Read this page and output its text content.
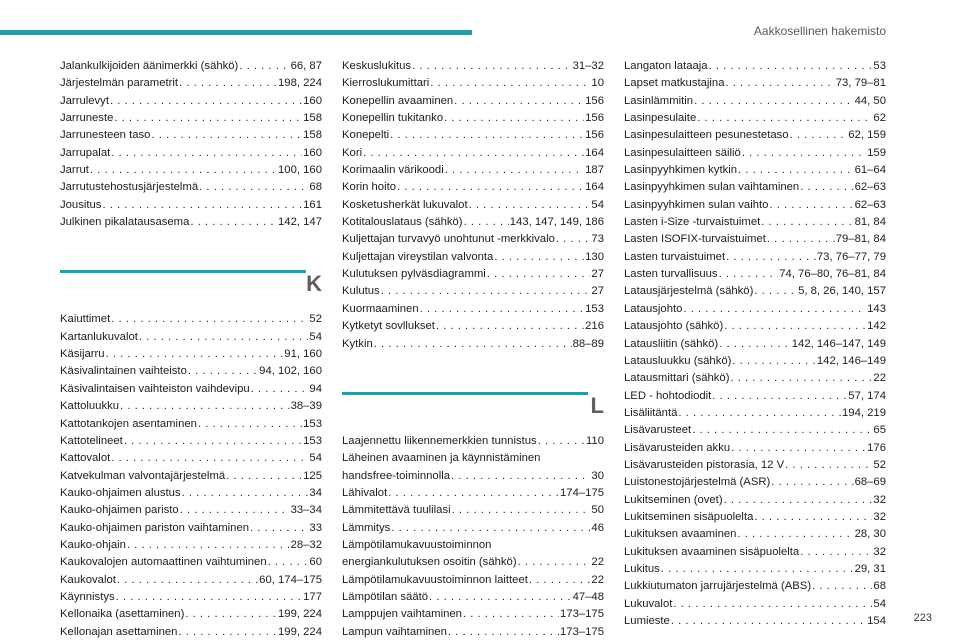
Aakkosellinen hakemisto
Jalankulkijoiden äänimerkki (sähkö) . . .	66, 87
Järjestelmän parametrit . . .	198, 224
Jarrulevyt . . .	160
Jarruneste . . .	158
Jarrunesteen taso . . .	158
Jarrupalat . . .	160
Jarrut . . .	100, 160
Jarrutustehostusjärjestelmä . . .	68
Jousitus . . .	161
Julkinen pikalatausasema . . .	142, 147
K
Kaiuttimet . . .	52
Kartanlukuvalot . . .	54
Käsijarru . . .	91, 160
Käsivalintainen vaihteisto . . .	94, 102, 160
Käsivalintaisen vaihteiston vaihdevipu . . .	94
Kattoluukku . . .	38–39
Kattotankojen asentaminen . . .	153
Kattotelineet . . .	153
Kattovalot . . .	54
Katvekulman valvontajärjestelmä . . .	125
Kauko-ohjaimen alustus . . .	34
Kauko-ohjaimen paristo . . .	33–34
Kauko-ohjaimen pariston vaihtaminen . . .	33
Kauko-ohjain . . .	28–32
Kaukovalojen automaattinen vaihtuminen . . .	60
Kaukovalot . . .	60, 174–175
Käynnistys . . .	177
Kellonaika (asettaminen) . . .	199, 224
Kellonajan asettaminen . . .	199, 224
Keskuslukitus . . .	31–32
Kierroslukumittari . . .	10
Konepellin avaaminen . . .	156
Konepellin tukitanko . . .	156
Konepelti . . .	156
Kori . . .	164
Korimaalin värikoodi . . .	187
Korin hoito . . .	164
Kosketusherkät lukuvalot . . .	54
Kotitalouslataus (sähkö) . . .	143, 147, 149, 186
Kuljettajan turvavyö unohtunut -merkkivalo . . .	73
Kuljettajan vireystilan valvonta . . .	130
Kulutuksen pylväsdiagrammi . . .	27
Kulutus . . .	27
Kuormaaminen . . .	153
Kytketyt sovllukset . . .	216
Kytkin . . .	88–89
L
Laajennettu liikennemerkkien tunnistus . . .	110
Läheinen avaaminen ja käynnistäminen
handsfree-toiminnolla . . .	30
Lähivalot . . .	174–175
Lämmitettävä tuulilasi . . .	50
Lämmitys . . .	46
Lämpötilamukavuustoiminnon
energiankulutuksen osoitin (sähkö) . . .	22
Lämpötilamukavuustoiminnon laitteet . . .	22
Lämpötilan säätö . . .	47–48
Lamppujen vaihtaminen . . .	173–175
Lampun vaihtaminen . . .	173–175
Langaton lataaja . . .	53
Lapset matkustajina . . .	73, 79–81
Lasinlämmitin . . .	44, 50
Lasinpesulaite . . .	62
Lasinpesulaitteen pesunestetaso . . .	62, 159
Lasinpesulaitteen säiliö . . .	159
Lasinpyyhkimen kytkin . . .	61–64
Lasinpyyhkimen sulan vaihtaminen . . .	62–63
Lasinpyyhkimen sulan vaihto . . .	62–63
Lasten i-Size -turvaistuimet . . .	81, 84
Lasten ISOFIX-turvaistuimet . . .	79–81, 84
Lasten turvaistuimet . . .	73, 76–77, 79
Lasten turvallisuus . . .	74, 76–80, 76–81, 84
Latausjärjestelmä (sähkö) . . .	5, 8, 26, 140, 157
Latausjohto . . .	143
Latausjohto (sähkö) . . .	142
Latausliitin (sähkö) . . .	142, 146–147, 149
Latausluukku (sähkö) . . .	142, 146–149
Latausmittari (sähkö) . . .	22
LED - hohtodiodit . . .	57, 174
Lisäliitäntä . . .	194, 219
Lisävarusteet . . .	65
Lisävarusteiden akku . . .	176
Lisävarusteiden pistorasia, 12 V . . .	52
Luistonestojärjestelmä (ASR) . . .	68–69
Lukitseminen (ovet) . . .	32
Lukitseminen sisäpuolelta . . .	32
Lukituksen avaaminen . . .	28, 30
Lukituksen avaaminen sisäpuolelta . . .	32
Lukitus . . .	29, 31
Lukkiutumaton jarrujärjestelmä (ABS) . . .	68
Lukuvalot . . .	54
Lumieste . . .	154	223
